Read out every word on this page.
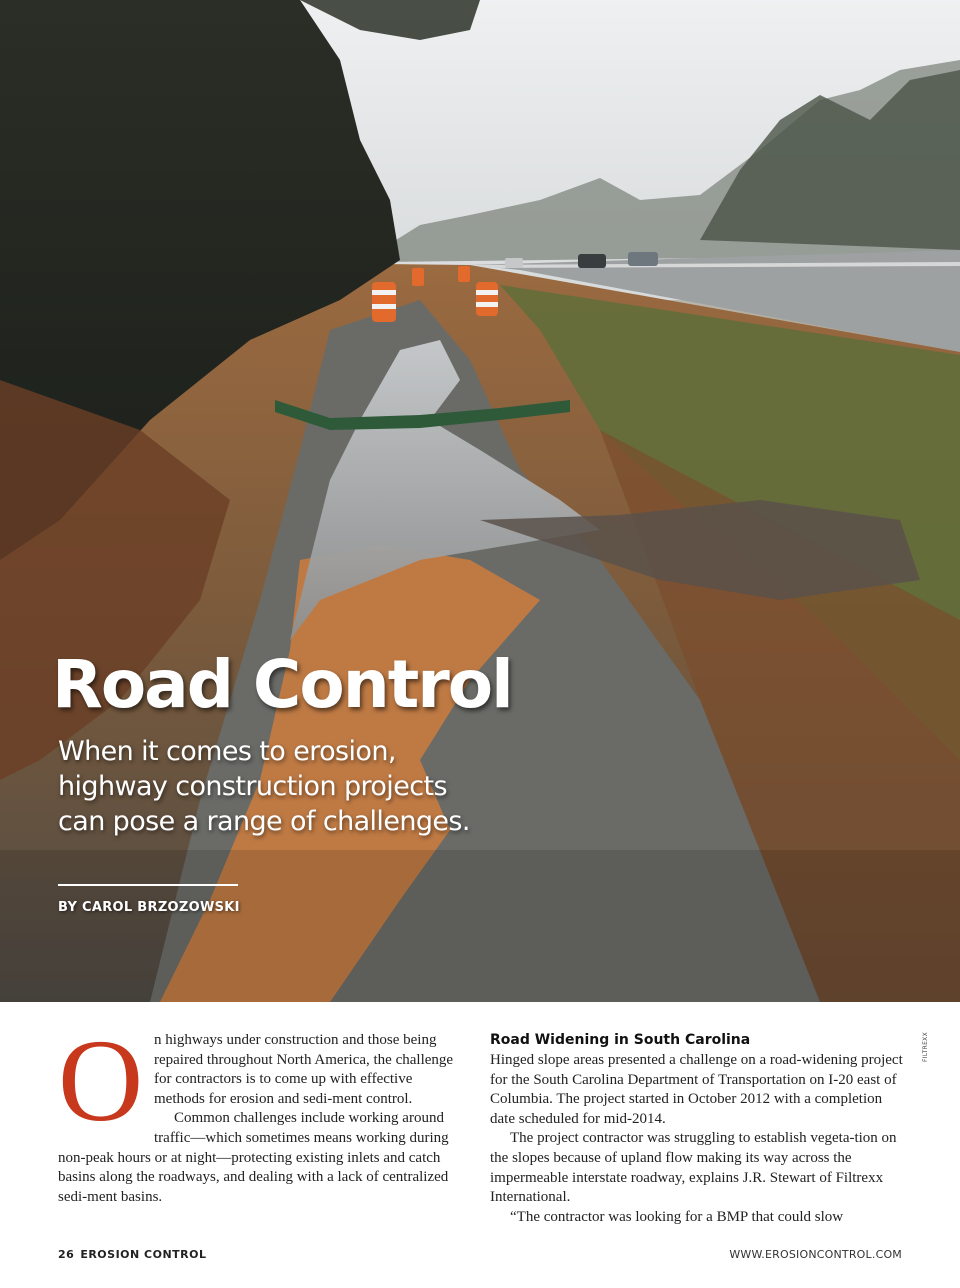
Road Control

When it comes to erosion, highway construction projects can pose a range of challenges.

BY CAROL BRZOZOWSKI

FILTREXX

On highways under construction and those being repaired throughout North America, the challenge for contractors is to come up with effective methods for erosion and sedi-ment control.

Common challenges include working around traffic—which sometimes means working during non-peak hours or at night—protecting existing inlets and catch basins along the roadways, and dealing with a lack of centralized sedi-ment basins.

Road Widening in South Carolina

Hinged slope areas presented a challenge on a road-widening project for the South Carolina Department of Transportation on I-20 east of Columbia. The project started in October 2012 with a completion date scheduled for mid-2014.

The project contractor was struggling to establish vegeta-tion on the slopes because of upland flow making its way across the impermeable interstate roadway, explains J.R. Stewart of Filtrexx International.

“The contractor was looking for a BMP that could slow

26 EROSION CONTROL	WWW.EROSIONCONTROL.COM
